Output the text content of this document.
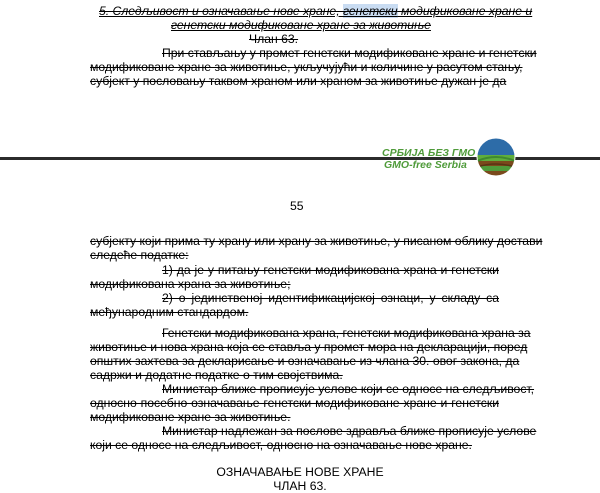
5. Следљивост и означавање нове хране, генетски модификоване хране и
генетски модификоване хране за животиње
Члан 63.
При стављању у промет генетски модификоване хране и генетски
модификоване хране за животиње, укључујући и количине у расутом стању,
субјект у пословању таквом храном или храном за животиње дужан је да
СРБИЈА БЕЗ ГМО
GMO-free Serbia
55
субјекту који прима ту храну или храну за животиње, у писаном облику достави
следеће податке:
1) да је у питању генетски модификована храна и генетски
модификована храна за животиње;
2) о јединственој идентификацијској ознаци, у складу са
међународним стандардом.
Генетски модификована храна, генетски модификована храна за
животиње и нова храна која се ставља у промет мора на декларацији, поред
општих захтева за декларисање и означавање из члана 30. овог закона, да
садржи и додатне податке о тим својствима.
Министар ближе прописује услове који се односе на следљивост,
односно посебно означавање генетски модификоване хране и генетски
модификоване хране за животиње.
Министар надлежан за послове здравља ближе прописује услове
који се односе на следљивост, односно на означавање нове хране.
ОЗНАЧАВАЊЕ НОВЕ ХРАНЕ
ЧЛАН 63.
